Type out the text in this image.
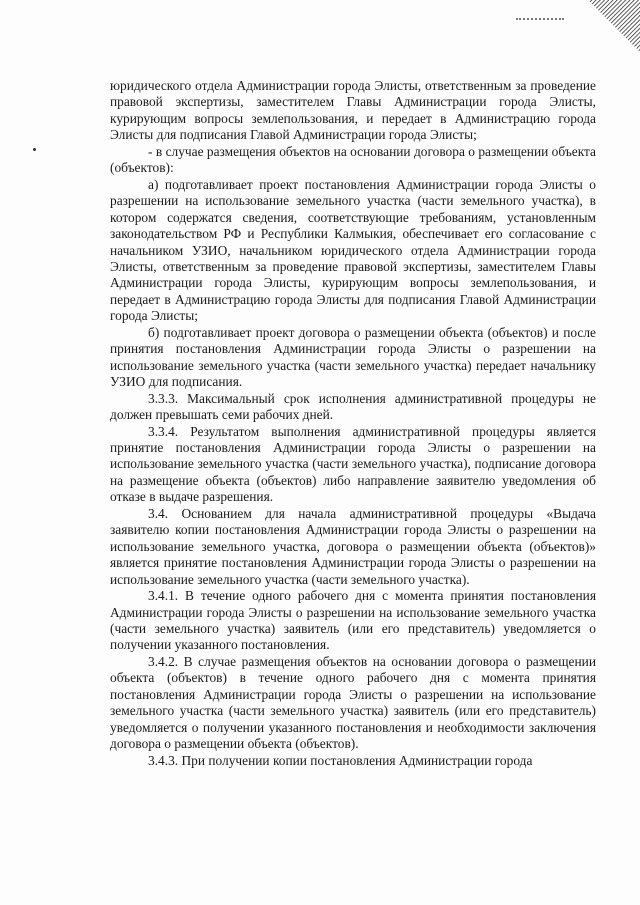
юридического отдела Администрации города Элисты, ответственным за проведение правовой экспертизы, заместителем Главы Администрации города Элисты, курирующим вопросы землепользования, и передает в Администрацию города Элисты для подписания Главой Администрации города Элисты;

- в случае размещения объектов на основании договора о размещении объекта (объектов):

а) подготавливает проект постановления Администрации города Элисты о разрешении на использование земельного участка (части земельного участка), в котором содержатся сведения, соответствующие требованиям, установленным законодательством РФ и Республики Калмыкия, обеспечивает его согласование с начальником УЗИО, начальником юридического отдела Администрации города Элисты, ответственным за проведение правовой экспертизы, заместителем Главы Администрации города Элисты, курирующим вопросы землепользования, и передает в Администрацию города Элисты для подписания Главой Администрации города Элисты;

б) подготавливает проект договора о размещении объекта (объектов) и после принятия постановления Администрации города Элисты о разрешении на использование земельного участка (части земельного участка) передает начальнику УЗИО для подписания.

3.3.3. Максимальный срок исполнения административной процедуры не должен превышать семи рабочих дней.

3.3.4. Результатом выполнения административной процедуры является принятие постановления Администрации города Элисты о разрешении на использование земельного участка (части земельного участка), подписание договора на размещение объекта (объектов) либо направление заявителю уведомления об отказе в выдаче разрешения.

3.4. Основанием для начала административной процедуры «Выдача заявителю копии постановления Администрации города Элисты о разрешении на использование земельного участка, договора о размещении объекта (объектов)» является принятие постановления Администрации города Элисты о разрешении на использование земельного участка (части земельного участка).

3.4.1. В течение одного рабочего дня с момента принятия постановления Администрации города Элисты о разрешении на использование земельного участка (части земельного участка) заявитель (или его представитель) уведомляется о получении указанного постановления.

3.4.2. В случае размещения объектов на основании договора о размещении объекта (объектов) в течение одного рабочего дня с момента принятия постановления Администрации города Элисты о разрешении на использование земельного участка (части земельного участка) заявитель (или его представитель) уведомляется о получении указанного постановления и необходимости заключения договора о размещении объекта (объектов).

3.4.3. При получении копии постановления Администрации города
